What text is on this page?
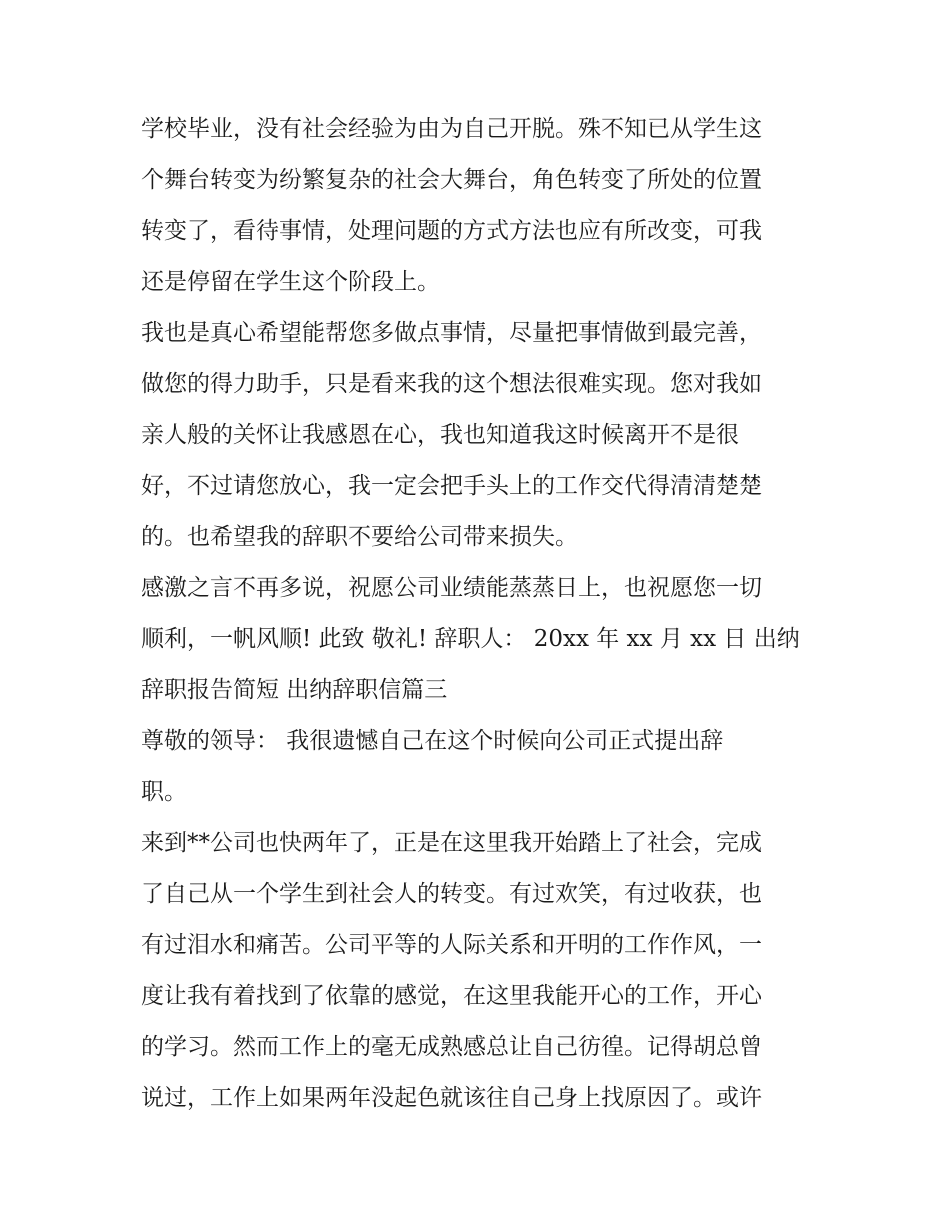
学校毕业，没有社会经验为由为自己开脱。殊不知已从学生这
个舞台转变为纷繁复杂的社会大舞台，角色转变了所处的位置
转变了，看待事情，处理问题的方式方法也应有所改变，可我
还是停留在学生这个阶段上。
我也是真心希望能帮您多做点事情，尽量把事情做到最完善，
做您的得力助手，只是看来我的这个想法很难实现。您对我如
亲人般的关怀让我感恩在心，我也知道我这时候离开不是很
好，不过请您放心，我一定会把手头上的工作交代得清清楚楚
的。也希望我的辞职不要给公司带来损失。
感激之言不再多说，祝愿公司业绩能蒸蒸日上，也祝愿您一切
顺利，一帆风顺! 此致 敬礼! 辞职人： 20xx 年 xx 月 xx 日 出纳
辞职报告简短 出纳辞职信篇三
尊敬的领导： 我很遗憾自己在这个时候向公司正式提出辞
职。
来到**公司也快两年了，正是在这里我开始踏上了社会，完成
了自己从一个学生到社会人的转变。有过欢笑，有过收获，也
有过泪水和痛苦。公司平等的人际关系和开明的工作作风，一
度让我有着找到了依靠的感觉，在这里我能开心的工作，开心
的学习。然而工作上的毫无成熟感总让自己彷徨。记得胡总曾
说过，工作上如果两年没起色就该往自己身上找原因了。或许
